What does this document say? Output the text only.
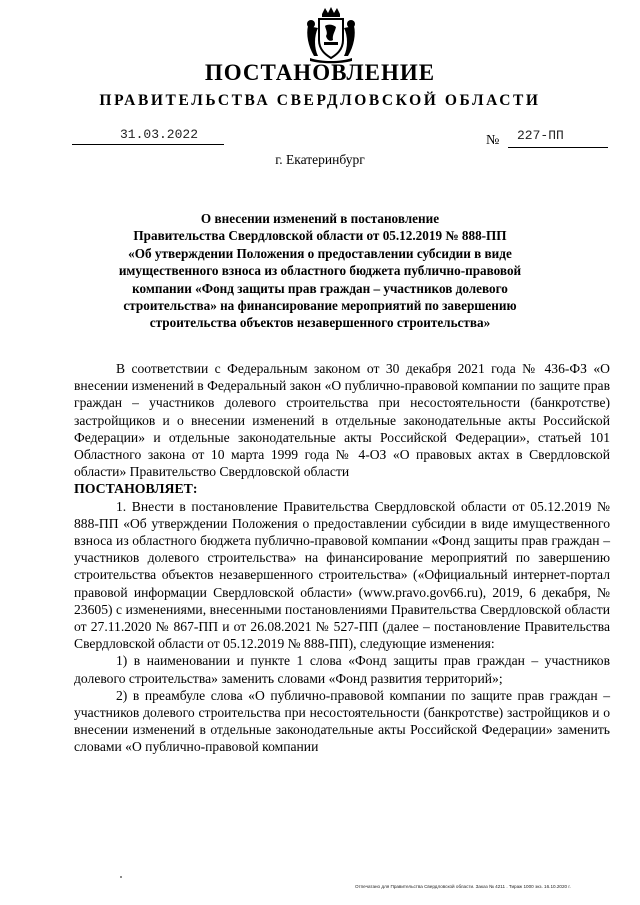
ПОСТАНОВЛЕНИЕ
ПРАВИТЕЛЬСТВА СВЕРДЛОВСКОЙ ОБЛАСТИ
31.03.2022	№ 227-ПП
г. Екатеринбург
О внесении изменений в постановление
Правительства Свердловской области от 05.12.2019 № 888-ПП
«Об утверждении Положения о предоставлении субсидии в виде
имущественного взноса из областного бюджета публично-правовой
компании «Фонд защиты прав граждан – участников долевого
строительства» на финансирование мероприятий по завершению
строительства объектов незавершенного строительства»

В соответствии с Федеральным законом от 30 декабря 2021 года № 436-ФЗ «О внесении изменений в Федеральный закон «О публично-правовой компании по защите прав граждан – участников долевого строительства при несостоятельности (банкротстве) застройщиков и о внесении изменений в отдельные законодательные акты Российской Федерации» и отдельные законодательные акты Российской Федерации», статьей 101 Областного закона от 10 марта 1999 года № 4-ОЗ «О правовых актах в Свердловской области» Правительство Свердловской области

ПОСТАНОВЛЯЕТ:

1. Внести в постановление Правительства Свердловской области от 05.12.2019 № 888-ПП «Об утверждении Положения о предоставлении субсидии в виде имущественного взноса из областного бюджета публично-правовой компании «Фонд защиты прав граждан – участников долевого строительства» на финансирование мероприятий по завершению строительства объектов незавершенного строительства» («Официальный интернет-портал правовой информации Свердловской области» (www.pravo.gov66.ru), 2019, 6 декабря, № 23605) с изменениями, внесенными постановлениями Правительства Свердловской области от 27.11.2020 № 867-ПП и от 26.08.2021 № 527-ПП (далее – постановление Правительства Свердловской области от 05.12.2019 № 888-ПП), следующие изменения:

1) в наименовании и пункте 1 слова «Фонд защиты прав граждан – участников долевого строительства» заменить словами «Фонд развития территорий»;

2) в преамбуле слова «О публично-правовой компании по защите прав граждан – участников долевого строительства при несостоятельности (банкротстве) застройщиков и о внесении изменений в отдельные законодательные акты Российской Федерации» заменить словами «О публично-правовой компании

Отпечатано для Правительства Свердловской области. Заказ № 4211 . Тираж 1000 экз. 16.10.2020 г.
